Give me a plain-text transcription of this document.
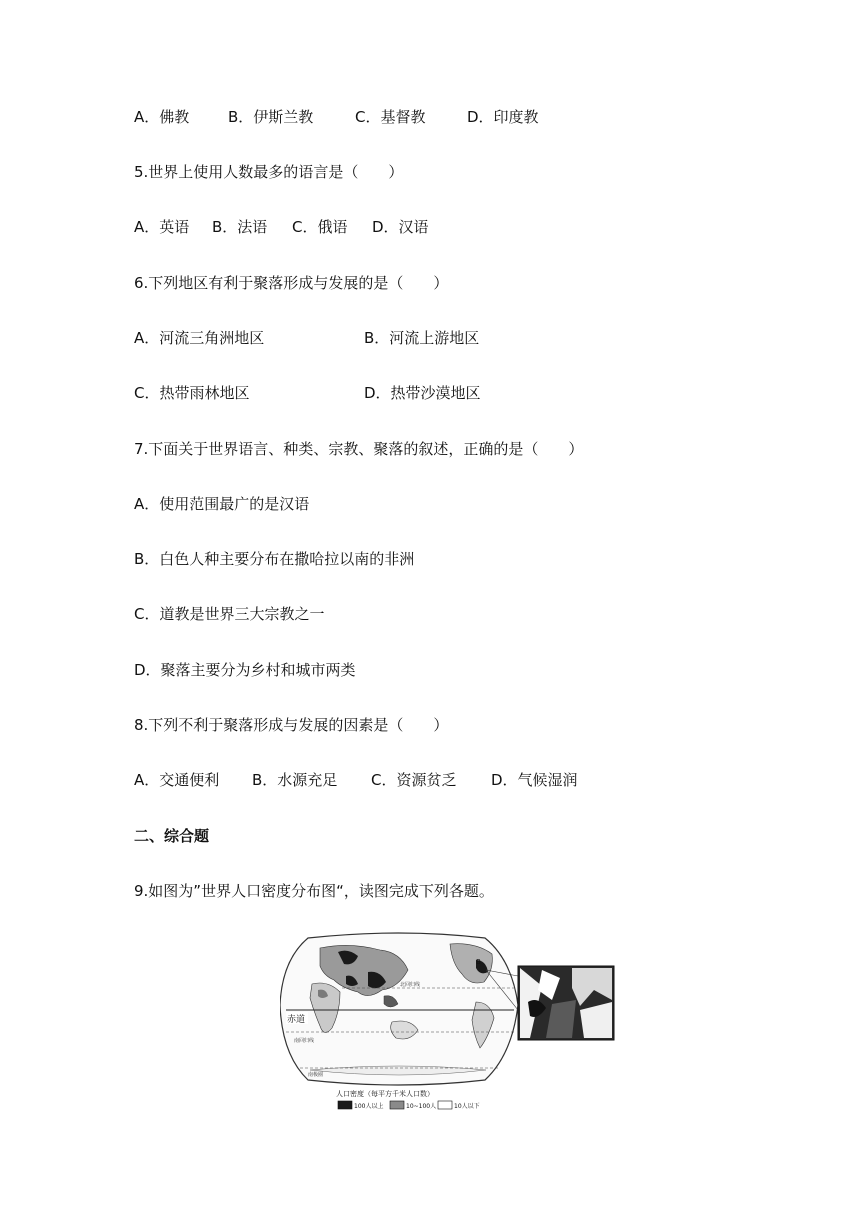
A．佛教	B．伊斯兰教	C．基督教	D．印度教
5.世界上使用人数最多的语言是（　　）
A．英语 B．法语 C．俄语 D．汉语
6.下列地区有利于聚落形成与发展的是（　　）
A．河流三角洲地区	B．河流上游地区
C．热带雨林地区	D．热带沙漠地区
7.下面关于世界语言、种类、宗教、聚落的叙述，正确的是（　　）
A．使用范围最广的是汉语
B．白色人种主要分布在撒哈拉以南的非洲
C．道教是世界三大宗教之一
D．聚落主要分为乡村和城市两类
8.下列不利于聚落形成与发展的因素是（　　）
A．交通便利 B．水源充足 C．资源贫乏 D．气候湿润
二、综合题
9.如图为”世界人口密度分布图“，读图完成下列各题。
赤道
北回归线
南回归线
南极圈
B
人口密度（每平方千米人口数）
100人以上	10~100人	10人以下
